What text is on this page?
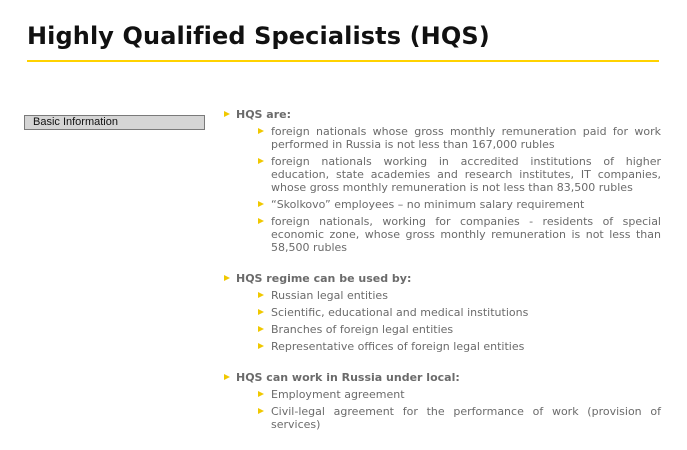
Highly Qualified Specialists (HQS)
Basic Information
HQS are:
foreign nationals whose gross monthly remuneration paid for work performed in Russia is not less than 167,000 rubles
foreign nationals working in accredited institutions of higher education, state academies and research institutes, IT companies, whose gross monthly remuneration is not less than 83,500 rubles
“Skolkovo” employees – no minimum salary requirement
foreign nationals, working for companies - residents of special economic zone, whose gross monthly remuneration is not less than 58,500 rubles
HQS regime can be used by:
Russian legal entities
Scientific, educational and medical institutions
Branches of foreign legal entities
Representative offices of foreign legal entities
HQS can work in Russia under local:
Employment agreement
Civil-legal agreement for the performance of work (provision of services)
